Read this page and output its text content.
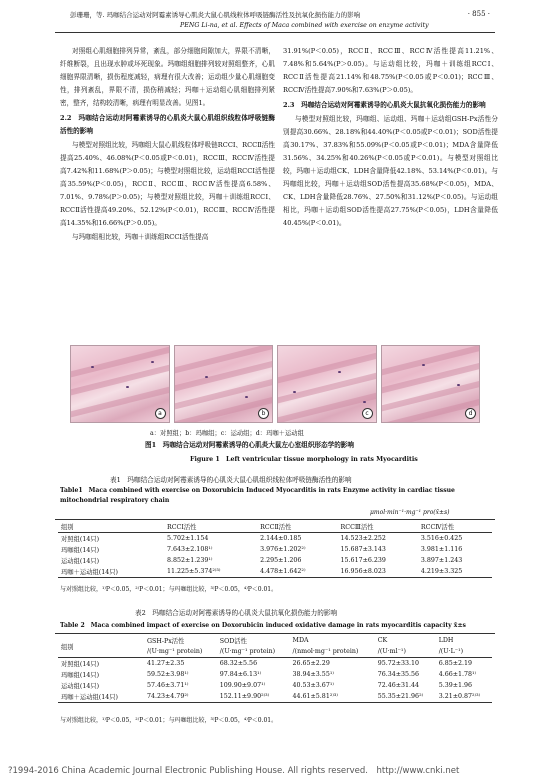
彭珊珊，等. 玛咖结合运动对阿霉素诱导心肌炎大鼠心肌线粒体呼吸链酶活性及抗氧化损伤能力的影响	· 855 ·
PENG Li-na, et al. Effects of Maca combined with exercise on enzyme activity

对照组心肌细胞排列异常，紊乱，部分细胞间隙加大，界限不清晰，纤维断裂，且出现水肿或坏死现象。玛咖组细胞排列较对照组整齐，心肌细胞界限清晰，损伤程度减轻，病理有很大改善；运动组少量心肌细胞变性，排列紊乱，界限不清，损伤稍减轻；玛咖＋运动组心肌细胞排列紧密，整齐，结构较清晰，病理有明显改善。见图1。

2.2　玛咖结合运动对阿霉素诱导的心肌炎大鼠心肌组织线粒体呼吸链酶活性的影响

与模型对照组比较，玛咖组大鼠心肌线粒体呼吸链RCCⅠ、RCCⅡ活性提高25.40%、46.08%(P＜0.05或P＜0.01)，RCCⅢ、RCCⅣ活性提高7.42%和11.68%(P＞0.05)；与模型对照组比较，运动组RCCⅠ活性提高35.59%(P＜0.05)，RCCⅡ、RCCⅢ、RCCⅣ活性提高6.58%、7.01%、9.78%(P＞0.05)；与模型对照组比较，玛咖＋训练组RCCⅠ、RCCⅡ活性提高49.20%、52.12%(P＜0.01)，RCCⅢ、RCCⅣ活性提高14.35%和16.66%(P＞0.05)。

与玛咖组相比较，玛咖＋训练组RCCⅠ活性提高

31.91%(P＜0.05)，RCCⅡ、RCCⅢ、RCCⅣ活性提高11.21%、7.48%和5.64%(P＞0.05)。与运动组比较，玛咖＋训练组RCCⅠ、RCCⅡ活性提高21.14%和48.75%(P＜0.05或P＜0.01)；RCCⅢ、RCCⅣ活性提高7.90%和7.63%(P＞0.05)。

2.3　玛咖结合运动对阿霉素诱导的心肌炎大鼠抗氧化损伤能力的影响

与模型对照组比较，玛咖组、运动组、玛咖＋运动组GSH-Px活性分别提高30.66%、28.18%和44.40%(P＜0.05或P＜0.01)；SOD活性提高30.17%、37.83%和55.09%(P＜0.05或P＜0.01)；MDA含量降低31.56%、34.25%和40.26%(P＜0.05或P＜0.01)。与模型对照组比较，玛咖＋运动组CK、LDH含量降低42.18%、53.14%(P＜0.01)。与玛咖组比较，玛咖＋运动组SOD活性提高35.68%(P＜0.05)，MDA、CK、LDH含量降低28.76%、27.50%和31.12%(P＜0.05)。与运动组相比，玛咖＋运动组SOD活性提高27.75%(P＜0.05)，LDH含量降低40.45%(P＜0.01)。

a	b	c	d
a：对照组；b：玛咖组；c：运动组；d：玛咖＋运动组
图1　玛咖结合运动对阿霉素诱导的心肌炎大鼠左心室组织形态学的影响
Figure 1　Left ventricular tissue morphology in rats Myocarditis
表1　玛咖结合运动对阿霉素诱导的心肌炎大鼠心肌组织线粒体呼吸链酶活性的影响
Table1　Maca combined with exercise on Doxorubicin Induced Myocarditis in rats Enzyme activity in cardiac tissue mitochondrial respiratory chain
μmol·min⁻¹·mg⁻¹ pro(x̄±s)
组别	RCCⅠ活性	RCCⅡ活性	RCCⅢ活性	RCCⅣ活性
对照组(14只)	5.702±1.154	2.144±0.185	14.523±2.252	3.516±0.425
玛咖组(14只)	7.643±2.108¹⁾	3.976±1.202²⁾	15.687±3.143	3.981±1.116
运动组(14只)	8.852±1.239¹⁾	2.295±1.206	15.617±6.239	3.897±1.243
玛咖＋运动组(14只)	11.225±5.374²⁾³⁾	4.478±1.642²⁾	16.956±8.023	4.219±3.325
与对照组比较，¹⁾P＜0.05，²⁾P＜0.01；与玛咖组比较，³⁾P＜0.05，⁴⁾P＜0.01。
表2　玛咖结合运动对阿霉素诱导的心肌炎大鼠抗氧化损伤能力的影响
Table 2　Maca combined impact of exercise on Doxorubicin induced oxidative damage in rats myocarditis capacity x̄±s
组别	GSH-Px活性	SOD活性	MDA	CK	LDH
	/(U·mg⁻¹ protein)	/(U·mg⁻¹ protein)	/(nmol·mg⁻¹ protein)	/(U·ml⁻¹)	/(U·L⁻¹)
对照组(14只)	41.27±2.35	68.32±5.56	26.65±2.29	95.72±33.10	6.85±2.19
玛咖组(14只)	59.52±3.98¹⁾	97.84±6.13¹⁾	38.94±3.55¹⁾	76.34±35.56	4.66±1.78¹⁾
运动组(14只)	57.46±3.71¹⁾	109.90±9.07¹⁾	40.53±3.67¹⁾	72.46±31.44	5.39±1.96
玛咖＋运动组(14只)	74.23±4.79²⁾	152.11±9.90²⁾³⁾	44.61±5.81²⁾³⁾	55.35±21.96²⁾	3.21±0.87²⁾³⁾
与对照组比较，¹⁾P＜0.05，²⁾P＜0.01；与玛咖组比较，³⁾P＜0.05，⁴⁾P＜0.01。
?1994-2016 China Academic Journal Electronic Publishing House. All rights reserved.　http://www.cnki.net
